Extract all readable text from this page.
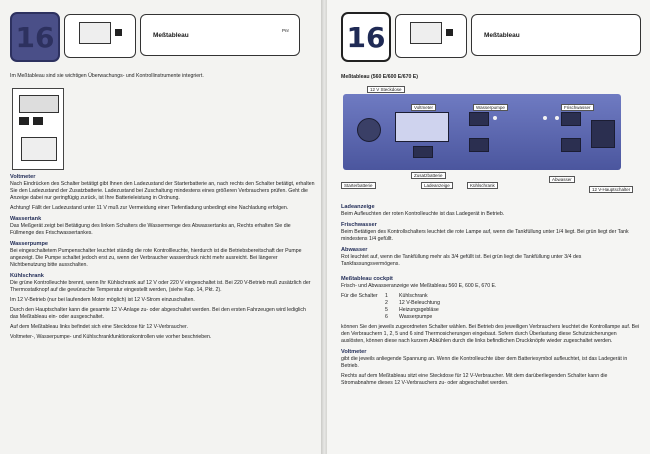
16	Meßtableau
Pnr
Im Meßtableau sind sie wichtigen Überwachungs- und Kontrollinstrumente integriert.
Voltmeter

Nach Eindrücken des Schalter betätigt gibt Ihnen den Ladezustand der Starterbatterie an, nach rechts den Schalter betätigt, erhalten Sie den Ladezustand der Zusatzbatterie. Ladezustand bei Zuschaltung mindestens eines größeren Verbrauchers prüfen. Geht die Anzeige dabei nur geringfügig zurück, ist Ihre Batterieleistung in Ordnung.

Achtung! Fällt der Ladezustand unter 11 V muß zur Vermeidung einer Tiefentladung unbedingt eine Nachladung erfolgen.

Wassertank

Das Meßgerät zeigt bei Betätigung des linken Schalters die Wassermenge des Abwassertanks an, Rechts erhalten Sie die Füllmenge des Frischwassertankes.

Wasserpumpe

Bei eingeschaltetem Pumpenschalter leuchtet ständig die rote Kontrollleuchte, hierdurch ist die Betriebsbereitschaft der Pumpe angezeigt. Die Pumpe schaltet jedoch erst zu, wenn der Verbraucher wasserdruck nicht mehr ausreicht. Bei längerer Nichtbenutzung bitte ausschalten.

Kühlschrank

Die grüne Kontrolleuchte brennt, wenn Ihr Kühlschrank auf 12 V oder 220 V eingeschaltet ist. Bei 220 V-Betrieb muß zusätzlich der Thermostatknopf auf die gewünschte Temperatur eingestellt werden, (siehe Kap. 14, Pkt. 2).

Im 12 V-Betrieb (nur bei laufendem Motor möglich) ist 12 V-Strom einzuschalten.

Durch den Hauptschalter kann die gesamte 12 V-Anlage zu- oder abgeschaltet werden. Bei den ersten Fahrzeugen wird lediglich das Meßtableau ein- oder ausgeschaltet.

Auf dem Meßtableau links befindet sich eine Steckdose für 12 V-Verbraucher.

Voltmeter-, Wasserpumpe- und Kühlschrankfunktionskontrollen wie vorher beschrieben.

16	Meßtableau
Meßtableau (560 E/600 E/670 E)
12 V Steckdose
Voltmeter	Wasserpumpe	Frischwasser
Zusatzbatterie
Starterbatterie	Ladeanzeige	Kühlschrank
Abwasser
12 V-Hauptschalter
Ladeanzeige

Beim Aufleuchten der roten Kontrolleuchte ist das Ladegerät in Betrieb.

Frischwasser

Beim Betätigen des Kontrollschalters leuchtet die rote Lampe auf, wenn die Tankfüllung unter 1/4 liegt. Bei grün liegt der Tank mindestens 1/4 gefüllt.

Abwasser

Rot leuchtet auf, wenn die Tankfüllung mehr als 3/4 gefüllt ist. Bei grün liegt die Tankfüllung unter 3/4 des Tankfassungsvermögens.

Meßtableau cockpit

Frisch- und Abwasseranzeige wie Meßtableau 560 E, 600 E, 670 E.

Für die Schalter	1	Kühlschrank
2	12 V-Beleuchtung
5	Heizungsgebläse
6	Wasserpumpe

können Sie den jeweils zugeordneten Schalter wählen. Bei Betrieb des jeweiligen Verbrauchers leuchtet die Kontrollampe auf. Bei den Verbrauchern 1, 2, 5 und 6 sind Thermosicherungen eingebaut. Sofern durch Überlastung diese Schutzsicherungen auslösten, können diese nach kurzem Abkühlen durch die links befindlichen Druckknöpfe wieder zugeschaltet werden.

Voltmeter

gibt die jeweils anliegende Spannung an. Wenn die Kontrolleuchte über dem Batteriesymbol aufleuchtet, ist das Ladegerät in Betrieb.

Rechts auf dem Meßtableau sitzt eine Steckdose für 12 V-Verbraucher. Mit dem darüberliegenden Schalter kann die Stromabnahme dieses 12 V-Verbrauchers zu- oder abgeschaltet werden.
